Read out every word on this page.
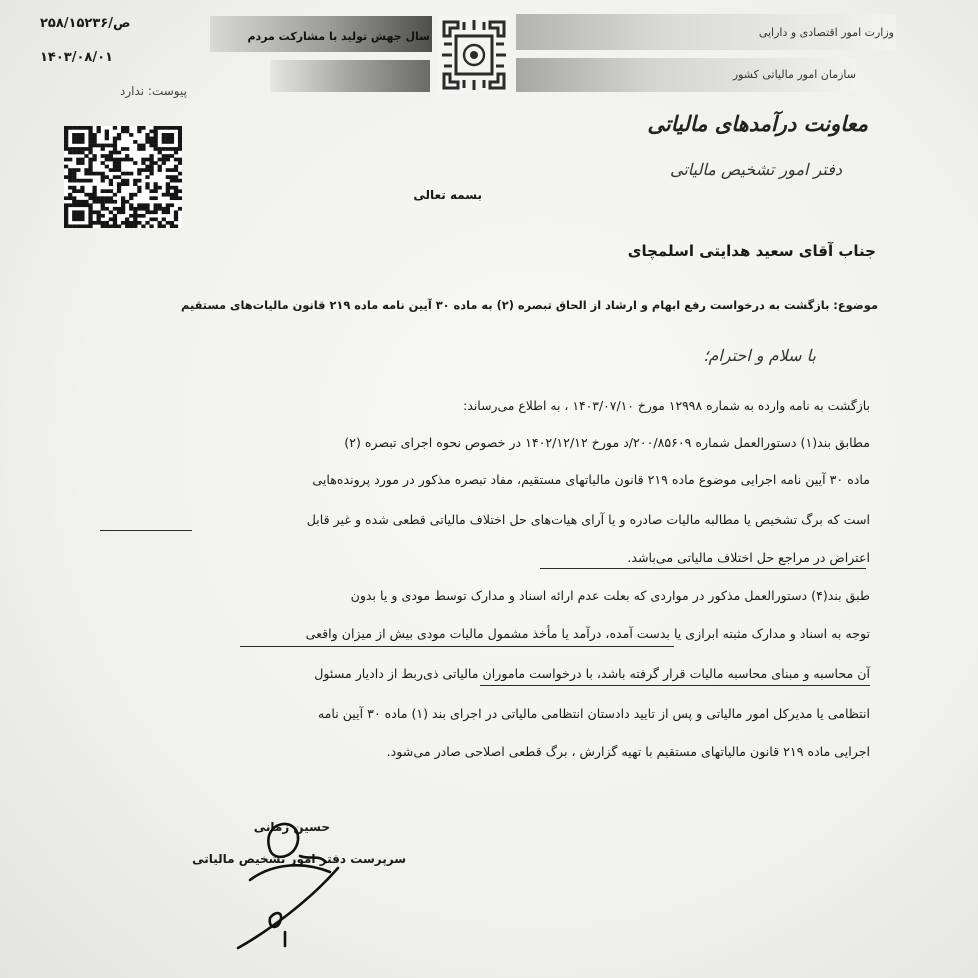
۲۵۸/۱۵۲۳۶/ص
۱۴۰۳/۰۸/۰۱
پیوست: ندارد
سال جهش تولید با مشارکت مردم	وزارت امور اقتصادی و دارایی
سازمان امور مالیاتی کشور
معاونت درآمدهای مالیاتی
دفتر امور تشخیص مالیاتی
بسمه تعالی
جناب آقای سعید هدایتی اسلمچای
موضوع: بازگشت به درخواست رفع ابهام و ارشاد از الحاق تبصره (۲) به ماده ۳۰ آیین نامه ماده ۲۱۹ قانون مالیات‌های مستقیم
با سلام و احترام؛
بازگشت به نامه وارده به شماره ۱۲۹۹۸ مورخ ۱۴۰۳/۰۷/۱۰ ، به اطلاع می‌رساند:
مطابق بند(۱) دستورالعمل شماره ۲۰۰/۸۵۶۰۹/د مورخ ۱۴۰۲/۱۲/۱۲ در خصوص نحوه اجرای تبصره (۲)
ماده ۳۰ آیین نامه اجرایی موضوع ماده ۲۱۹ قانون مالیاتهای مستقیم، مفاد تبصره مذکور در مورد پرونده‌هایی
است که برگ تشخیص یا مطالبه مالیات صادره و یا آرای هیات‌های حل اختلاف مالیاتی قطعی شده و غیر قابل
اعتراض در مراجع حل اختلاف مالیاتی می‌باشد.
طبق بند(۴) دستورالعمل مذکور در مواردی که بعلت عدم ارائه اسناد و مدارک توسط مودی و یا بدون
توجه به اسناد و مدارک مثبته ابرازی یا بدست آمده، درآمد یا مأخذ مشمول مالیات مودی بیش از میزان واقعی
آن محاسبه و مبنای محاسبه مالیات قرار گرفته باشد، با درخواست ماموران مالیاتی ذی‌ربط از دادیار مسئول
انتظامی یا مدیرکل امور مالیاتی و پس از تایید دادستان انتظامی مالیاتی در اجرای بند (۱) ماده ۳۰ آیین نامه
اجرایی ماده ۲۱۹ قانون مالیاتهای مستقیم با تهیه گزارش ، برگ قطعی اصلاحی صادر می‌شود.
حسین زمانی
سرپرست دفتر امور تشخیص مالیاتی
